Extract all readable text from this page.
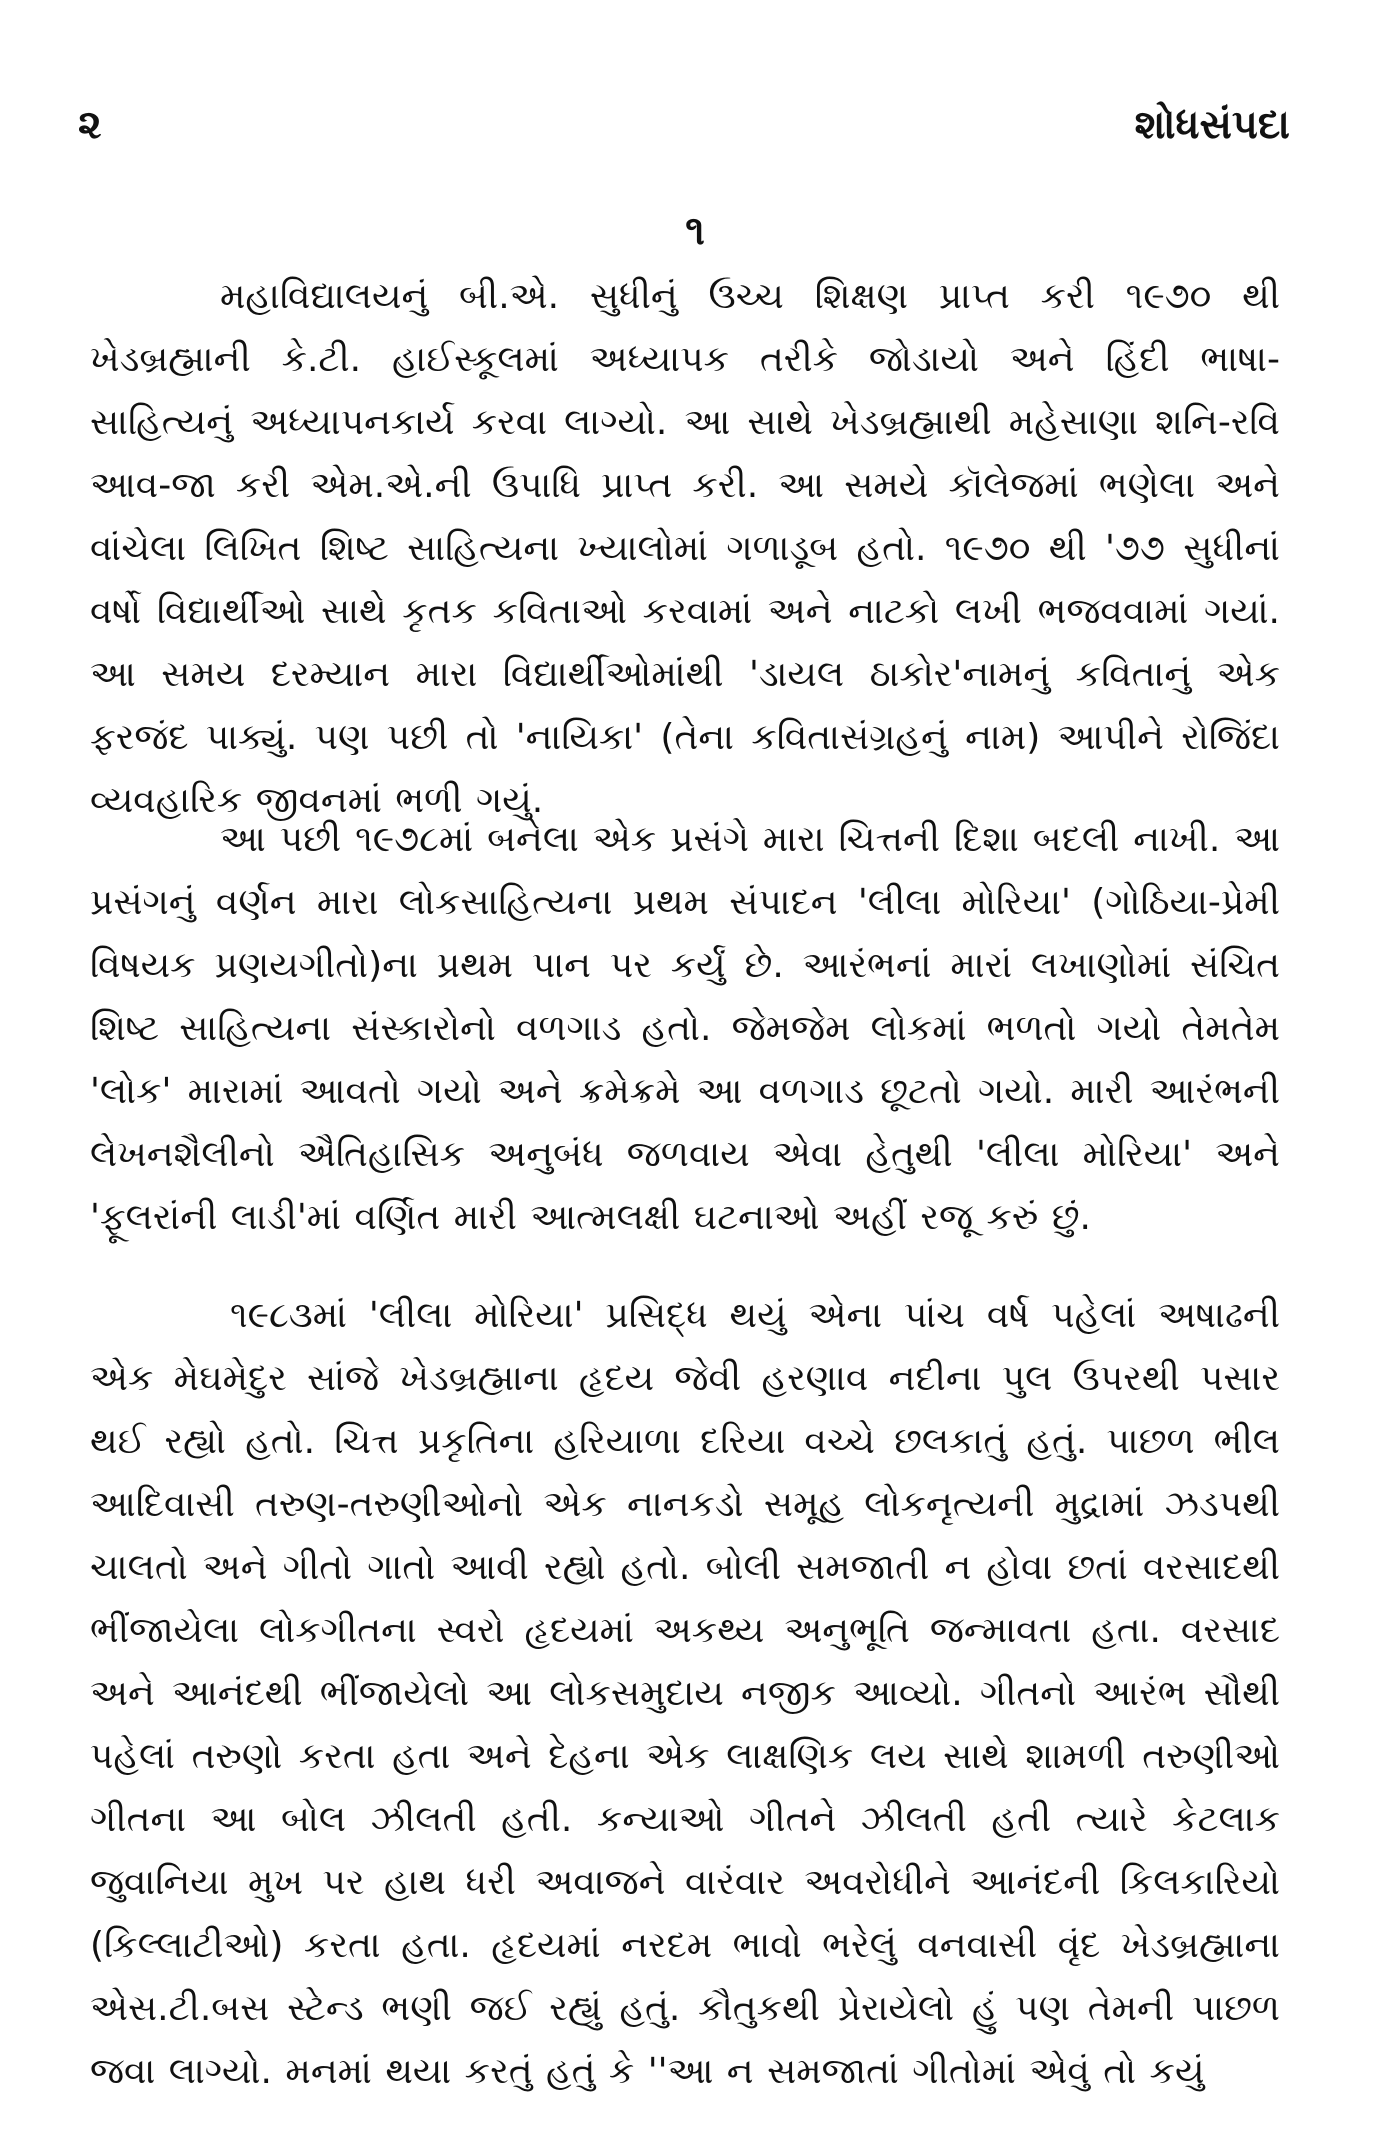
૨	શોધસંપદા
૧

મહાવિદ્યાલયનું બી.એ. સુધીનું ઉચ્ચ શિક્ષણ પ્રાપ્ત કરી ૧૯૭૦ થી ખેડબ્રહ્માની કે.ટી. હાઈસ્કૂલમાં અધ્યાપક તરીકે જોડાયો અને હિંદી ભાષા-સાહિત્યનું અધ્યાપનકાર્ય કરવા લાગ્યો. આ સાથે ખેડબ્રહ્માથી મહેસાણા શનિ-રવિ આવ-જા કરી એમ.એ.ની ઉપાધિ પ્રાપ્ત કરી. આ સમયે કૉલેજમાં ભણેલા અને વાંચેલા લિખિત શિષ્ટ સાહિત્યના ખ્યાલોમાં ગળાડૂબ હતો. ૧૯૭૦ થી '૭૭ સુધીનાં વર્ષો વિદ્યાર્થીઓ સાથે કૃતક કવિતાઓ કરવામાં અને નાટકો લખી ભજવવામાં ગયાં. આ સમય દરમ્યાન મારા વિદ્યાર્થીઓમાંથી 'ડાયલ ઠાકોર'નામનું કવિતાનું એક ફરજંદ પાક્યું. પણ પછી તો 'નાયિકા' (તેના કવિતાસંગ્રહનું નામ) આપીને રોજિંદા વ્યવહારિક જીવનમાં ભળી ગયું.

આ પછી ૧૯૭૮માં બનેલા એક પ્રસંગે મારા ચિત્તની દિશા બદલી નાખી. આ પ્રસંગનું વર્ણન મારા લોકસાહિત્યના પ્રથમ સંપાદન 'લીલા મોરિયા' (ગોઠિયા-પ્રેમી વિષયક પ્રણયગીતો)ના પ્રથમ પાન પર કર્યું છે. આરંભનાં મારાં લખાણોમાં સંચિત શિષ્ટ સાહિત્યના સંસ્કારોનો વળગાડ હતો. જેમજેમ લોકમાં ભળતો ગયો તેમતેમ 'લોક' મારામાં આવતો ગયો અને ક્રમેક્રમે આ વળગાડ છૂટતો ગયો. મારી આરંભની લેખનશૈલીનો ઐતિહાસિક અનુબંધ જળવાય એવા હેતુથી 'લીલા મોરિયા' અને 'ફૂલરાંની લાડી'માં વર્ણિત મારી આત્મલક્ષી ઘટનાઓ અહીં રજૂ કરું છું.

૧૯૮૩માં 'લીલા મોરિયા' પ્રસિદ્ધ થયું એના પાંચ વર્ષ પહેલાં અષાઢની એક મેઘમેદુર સાંજે ખેડબ્રહ્માના હૃદય જેવી હરણાવ નદીના પુલ ઉપરથી પસાર થઈ રહ્યો હતો. ચિત્ત પ્રકૃતિના હરિયાળા દરિયા વચ્ચે છલકાતું હતું. પાછળ ભીલ આદિવાસી તરુણ-તરુણીઓનો એક નાનકડો સમૂહ લોકનૃત્યની મુદ્રામાં ઝડપથી ચાલતો અને ગીતો ગાતો આવી રહ્યો હતો. બોલી સમજાતી ન હોવા છતાં વરસાદથી ભીંજાયેલા લોકગીતના સ્વરો હૃદયમાં અકથ્ય અનુભૂતિ જન્માવતા હતા. વરસાદ અને આનંદથી ભીંજાયેલો આ લોકસમુદાય નજીક આવ્યો. ગીતનો આરંભ સૌથી પહેલાં તરુણો કરતા હતા અને દેહના એક લાક્ષણિક લય સાથે શામળી તરુણીઓ ગીતના આ બોલ ઝીલતી હતી. કન્યાઓ ગીતને ઝીલતી હતી ત્યારે કેટલાક જુવાનિયા મુખ પર હાથ ધરી અવાજને વારંવાર અવરોધીને આનંદની કિલકારિયો (કિલ્લાટીઓ) કરતા હતા. હૃદયમાં નરદમ ભાવો ભરેલું વનવાસી વૃંદ ખેડબ્રહ્માના એસ.ટી.બસ સ્ટેન્ડ ભણી જઈ રહ્યું હતું. કૌતુકથી પ્રેરાયેલો હું પણ તેમની પાછળ જવા લાગ્યો. મનમાં થયા કરતું હતું કે ''આ ન સમજાતાં ગીતોમાં એવું તો કયું
